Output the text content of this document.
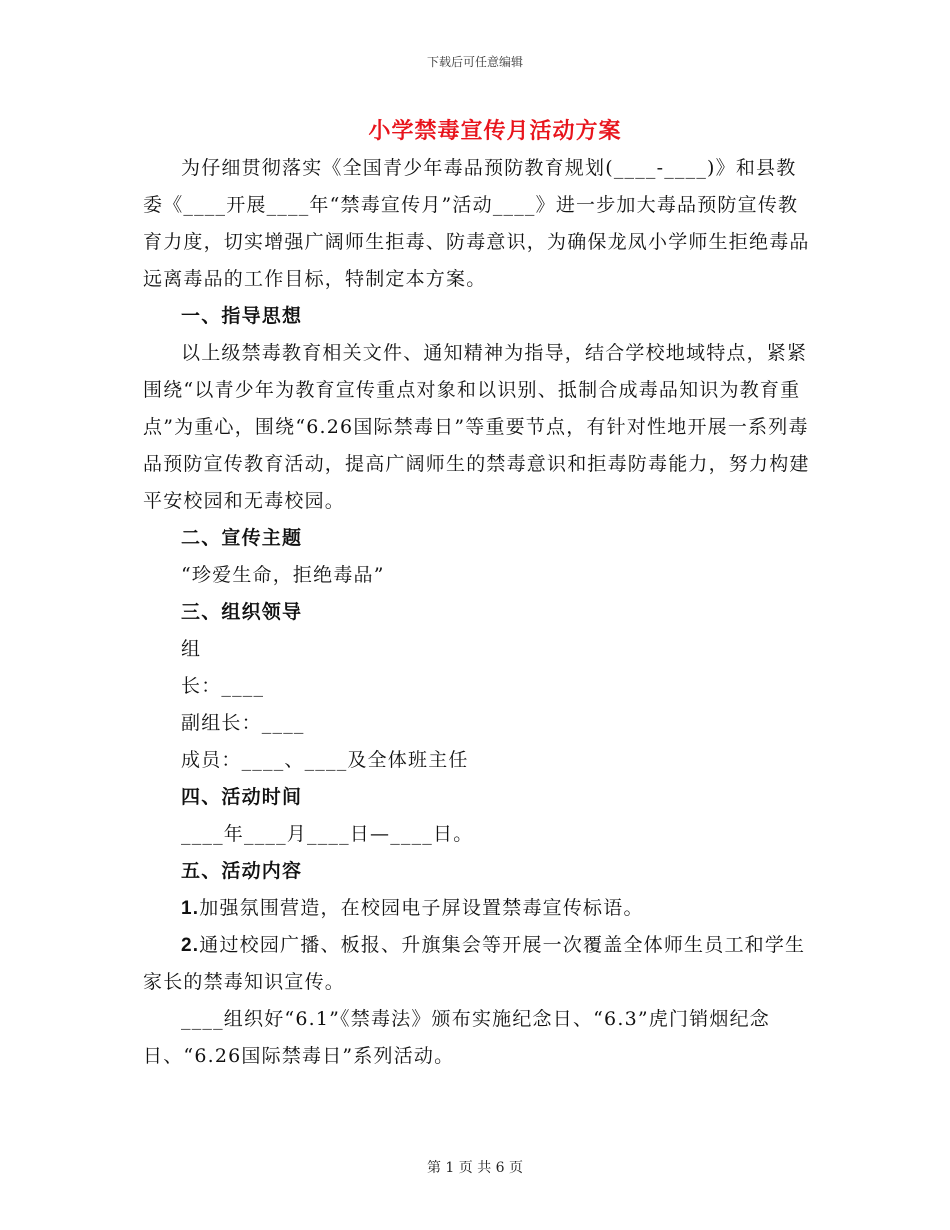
下载后可任意编辑
小学禁毒宣传月活动方案

为仔细贯彻落实《全国青少年毒品预防教育规划(____-____)》和县教委《____开展____年“禁毒宣传月”活动____》进一步加大毒品预防宣传教育力度，切实增强广阔师生拒毒、防毒意识，为确保龙凤小学师生拒绝毒品远离毒品的工作目标，特制定本方案。

一、指导思想

以上级禁毒教育相关文件、通知精神为指导，结合学校地域特点，紧紧围绕“以青少年为教育宣传重点对象和以识别、抵制合成毒品知识为教育重点”为重心，围绕“6.26国际禁毒日”等重要节点，有针对性地开展一系列毒品预防宣传教育活动，提高广阔师生的禁毒意识和拒毒防毒能力，努力构建平安校园和无毒校园。

二、宣传主题

“珍爱生命，拒绝毒品”

三、组织领导

组

长：____

副组长：____

成员：____、____及全体班主任

四、活动时间

____年____月____日—____日。

五、活动内容

1.加强氛围营造，在校园电子屏设置禁毒宣传标语。

2.通过校园广播、板报、升旗集会等开展一次覆盖全体师生员工和学生家长的禁毒知识宣传。

____组织好“6.1”《禁毒法》颁布实施纪念日、“6.3”虎门销烟纪念日、“6.26国际禁毒日”系列活动。

第 1 页 共 6 页
